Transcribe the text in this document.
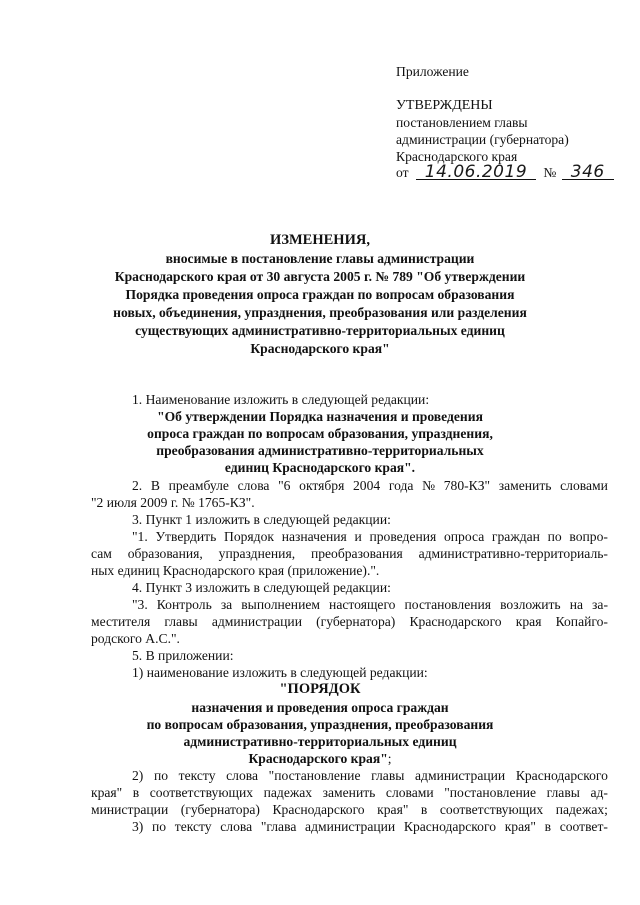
Приложение
УТВЕРЖДЕНЫ
постановлением главы
администрации (губернатора)
Краснодарского края
от 14.06.2019 № 346
ИЗМЕНЕНИЯ,
вносимые в постановление главы администрации
Краснодарского края от 30 августа 2005 г. № 789 "Об утверждении
Порядка проведения опроса граждан по вопросам образования
новых, объединения, упразднения, преобразования или разделения
существующих административно-территориальных единиц
Краснодарского края"
1. Наименование изложить в следующей редакции:
"Об утверждении Порядка назначения и проведения
опроса граждан по вопросам образования, упразднения,
преобразования административно-территориальных
единиц Краснодарского края".
2. В преамбуле слова "6 октября 2004 года № 780-КЗ" заменить словами
"2 июля 2009 г. № 1765-КЗ".
3. Пункт 1 изложить в следующей редакции:
"1. Утвердить Порядок назначения и проведения опроса граждан по вопро-
сам образования, упразднения, преобразования административно-территориаль-
ных единиц Краснодарского края (приложение).".
4. Пункт 3 изложить в следующей редакции:
"3. Контроль за выполнением настоящего постановления возложить на за-
местителя главы администрации (губернатора) Краснодарского края Копайго-
родского А.С.".
5. В приложении:
1) наименование изложить в следующей редакции:
"ПОРЯДОК
назначения и проведения опроса граждан
по вопросам образования, упразднения, преобразования
административно-территориальных единиц
Краснодарского края";
2) по тексту слова "постановление главы администрации Краснодарского
края" в соответствующих падежах заменить словами "постановление главы ад-
министрации (губернатора) Краснодарского края" в соответствующих падежах;
3) по тексту слова "глава администрации Краснодарского края" в соответ-
